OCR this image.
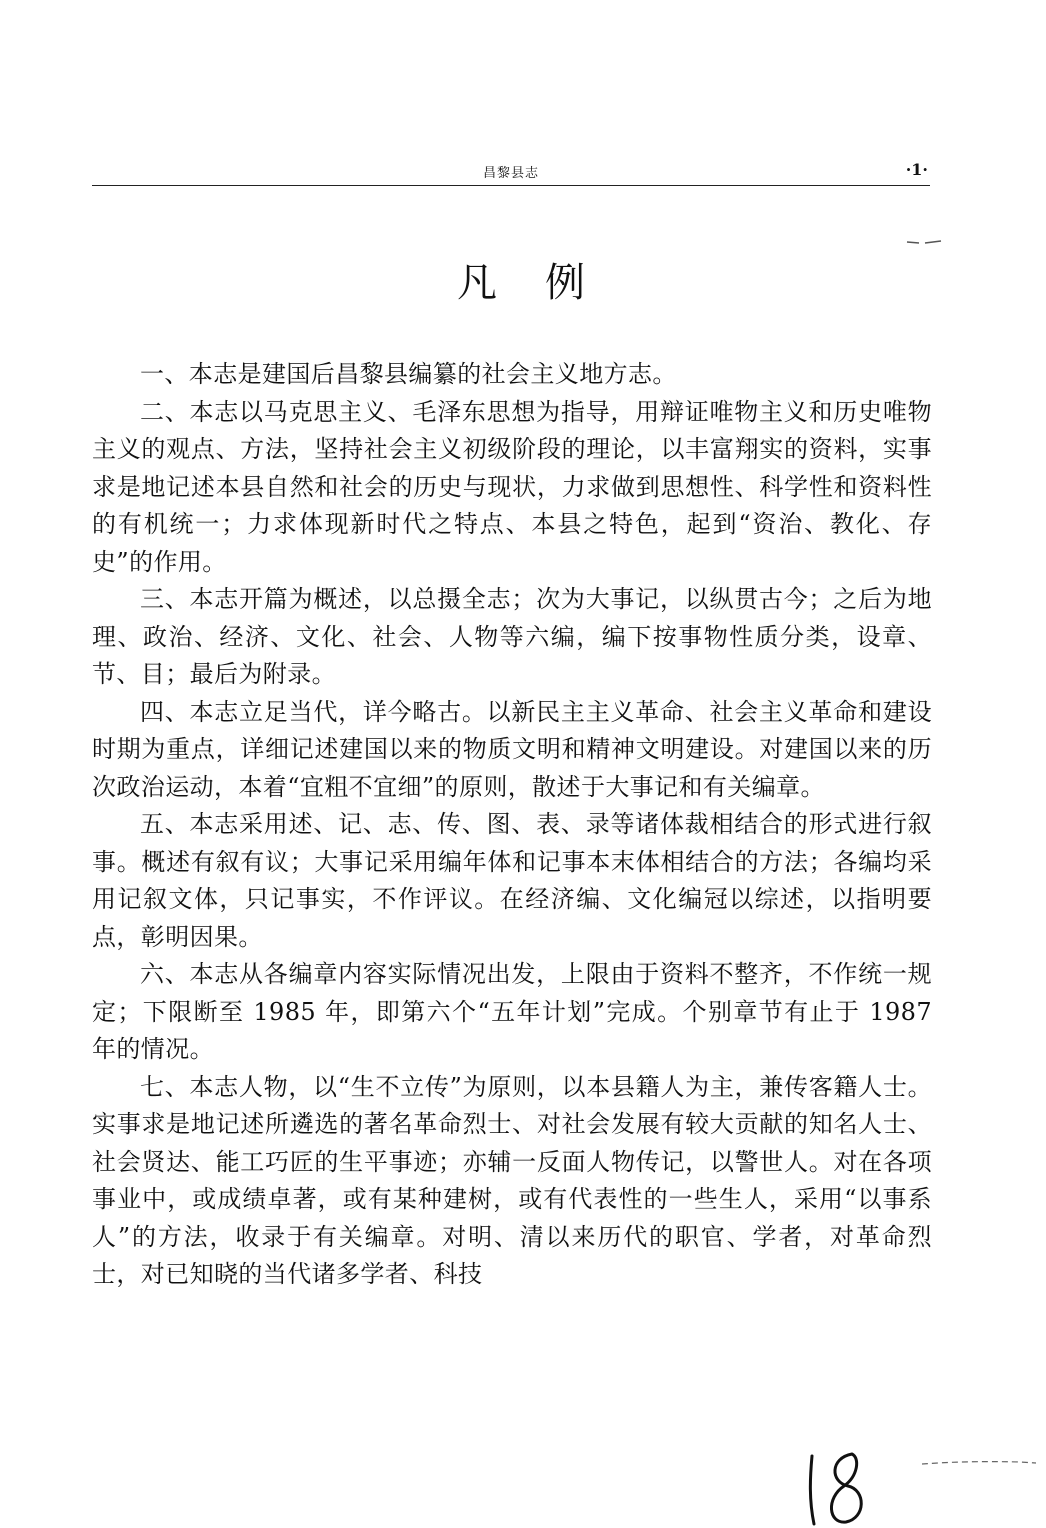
昌黎县志	·1·
凡　例

一、本志是建国后昌黎县编纂的社会主义地方志。

二、本志以马克思主义、毛泽东思想为指导，用辩证唯物主义和历史唯物主义的观点、方法，坚持社会主义初级阶段的理论，以丰富翔实的资料，实事求是地记述本县自然和社会的历史与现状，力求做到思想性、科学性和资料性的有机统一；力求体现新时代之特点、本县之特色，起到“资治、教化、存史”的作用。

三、本志开篇为概述，以总摄全志；次为大事记，以纵贯古今；之后为地理、政治、经济、文化、社会、人物等六编，编下按事物性质分类，设章、节、目；最后为附录。

四、本志立足当代，详今略古。以新民主主义革命、社会主义革命和建设时期为重点，详细记述建国以来的物质文明和精神文明建设。对建国以来的历次政治运动，本着“宜粗不宜细”的原则，散述于大事记和有关编章。

五、本志采用述、记、志、传、图、表、录等诸体裁相结合的形式进行叙事。概述有叙有议；大事记采用编年体和记事本末体相结合的方法；各编均采用记叙文体，只记事实，不作评议。在经济编、文化编冠以综述，以指明要点，彰明因果。

六、本志从各编章内容实际情况出发，上限由于资料不整齐，不作统一规定；下限断至 1985 年，即第六个“五年计划”完成。个别章节有止于 1987 年的情况。

七、本志人物，以“生不立传”为原则，以本县籍人为主，兼传客籍人士。实事求是地记述所遴选的著名革命烈士、对社会发展有较大贡献的知名人士、社会贤达、能工巧匠的生平事迹；亦辅一反面人物传记，以警世人。对在各项事业中，或成绩卓著，或有某种建树，或有代表性的一些生人，采用“以事系人”的方法，收录于有关编章。对明、清以来历代的职官、学者，对革命烈士，对已知晓的当代诸多学者、科技
